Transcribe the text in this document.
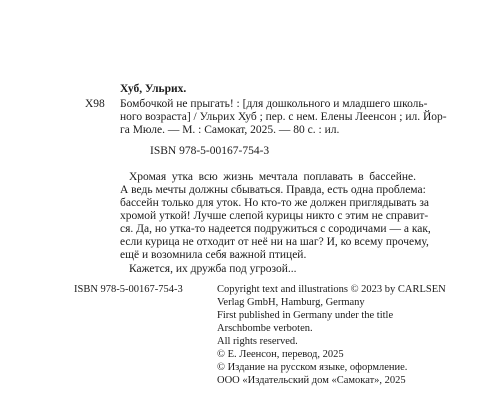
Хуб, Ульрих.
Х98 Бомбочкой не прыгать! : [для дошкольного и младшего школь-
ного возраста] / Ульрих Хуб ; пер. с нем. Елены Леенсон ; ил. Йор-
га Мюле. — М. : Самокат, 2025. — 80 с. : ил.
ISBN 978-5-00167-754-3
Хромая утка всю жизнь мечтала поплавать в бассейне.
А ведь мечты должны сбываться. Правда, есть одна проблема:
бассейн только для уток. Но кто-то же должен приглядывать за
хромой уткой! Лучше слепой курицы никто с этим не справит-
ся. Да, но утка-то надеется подружиться с сородичами — а как,
если курица не отходит от неё ни на шаг? И, ко всему прочему,
ещё и возомнила себя важной птицей.
Кажется, их дружба под угрозой...
ISBN 978-5-00167-754-3	Copyright text and illustrations © 2023 by CARLSEN
Verlag GmbH, Hamburg, Germany
First published in Germany under the title
Arschbombe verboten.
All rights reserved.
© Е. Леенсон, перевод, 2025
© Издание на русском языке, оформление.
ООО «Издательский дом «Самокат», 2025
